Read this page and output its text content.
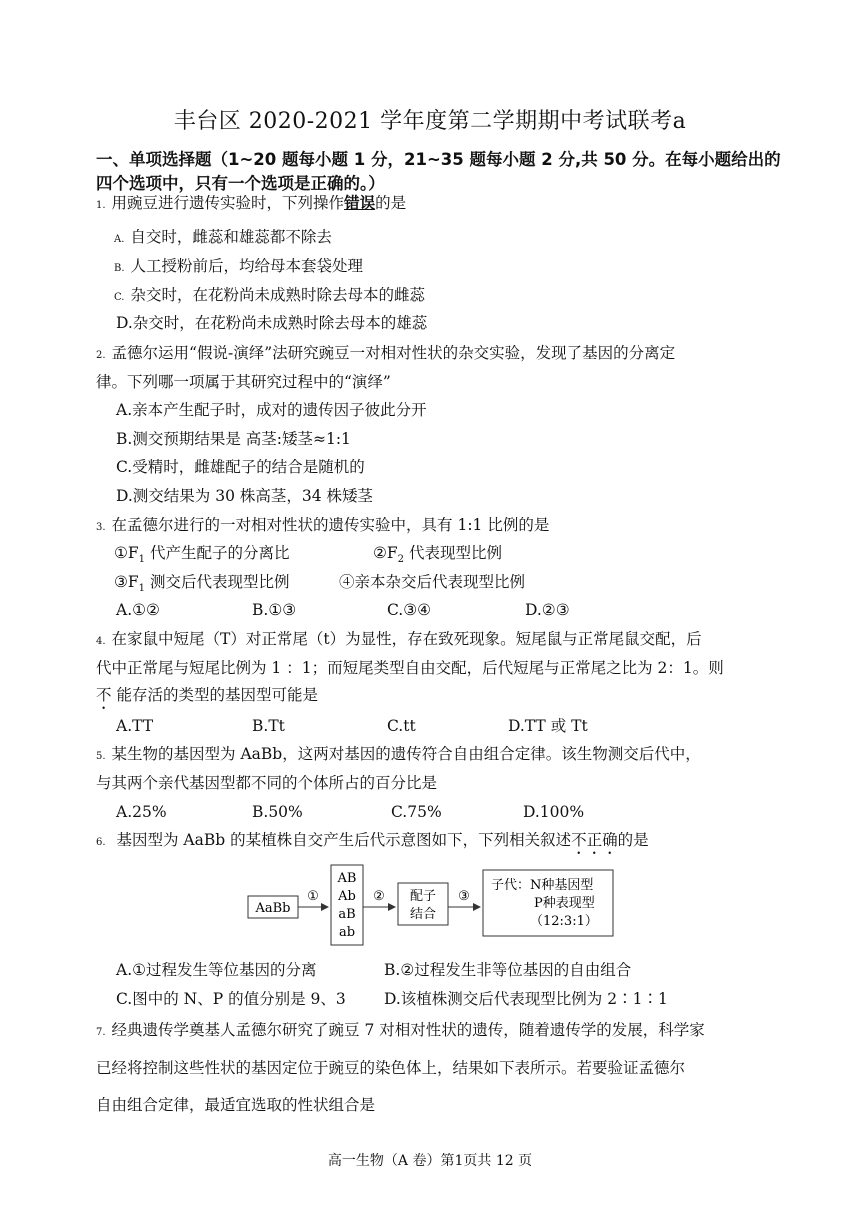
丰台区 2020-2021 学年度第二学期期中考试联考a
一、单项选择题（1~20 题每小题 1 分，21~35 题每小题 2 分,共 50 分。在每小题给出的四个选项中，只有一个选项是正确的。）
1. 用豌豆进行遗传实验时，下列操作错误的是
A. 自交时，雌蕊和雄蕊都不除去
B. 人工授粉前后，均给母本套袋处理
C. 杂交时，在花粉尚未成熟时除去母本的雌蕊
D.杂交时，在花粉尚未成熟时除去母本的雄蕊
2. 孟德尔运用“假说-演绎”法研究豌豆一对相对性状的杂交实验，发现了基因的分离定
律。下列哪一项属于其研究过程中的“演绎”
A.亲本产生配子时，成对的遗传因子彼此分开
B.测交预期结果是 高茎:矮茎≈1:1
C.受精时，雌雄配子的结合是随机的
D.测交结果为 30 株高茎，34 株矮茎
3. 在孟德尔进行的一对相对性状的遗传实验中，具有 1:1 比例的是
$①F_1$ 代产生配子的分离比	$②F_2$ 代表现型比例
$③F_1$ 测交后代表现型比例	④亲本杂交后代表现型比例
A.①②	B.①③	C.③④	D.②③
4. 在家鼠中短尾（T）对正常尾（t）为显性，存在致死现象。短尾鼠与正常尾鼠交配，后
代中正常尾与短尾比例为 1 ：1；而短尾类型自由交配，后代短尾与正常尾之比为 2：1。则
不 能存活的类型的基因型可能是
A.TT	B.Tt	C.tt	D.TT 或 Tt
5. 某生物的基因型为 AaBb，这两对基因的遗传符合自由组合定律。该生物测交后代中，
与其两个亲代基因型都不同的个体所占的百分比是
A.25%	B.50%	C.75%	D.100%
6. 基因型为 AaBb 的某植株自交产生后代示意图如下，下列相关叙述不正确的是
AaBb
①
AB
Ab
aB
ab
② 配子
结合
③
子代：N种基因型
P种表现型
（12:3:1）
A.①过程发生等位基因的分离	B.②过程发生非等位基因的自由组合
C.图中的 N、P 的值分别是 9、3 D.该植株测交后代表现型比例为 2∶1∶1
7. 经典遗传学奠基人孟德尔研究了豌豆 7 对相对性状的遗传，随着遗传学的发展，科学家
已经将控制这些性状的基因定位于豌豆的染色体上，结果如下表所示。若要验证孟德尔
自由组合定律，最适宜选取的性状组合是
高一生物（A 卷）第1页共 12 页
